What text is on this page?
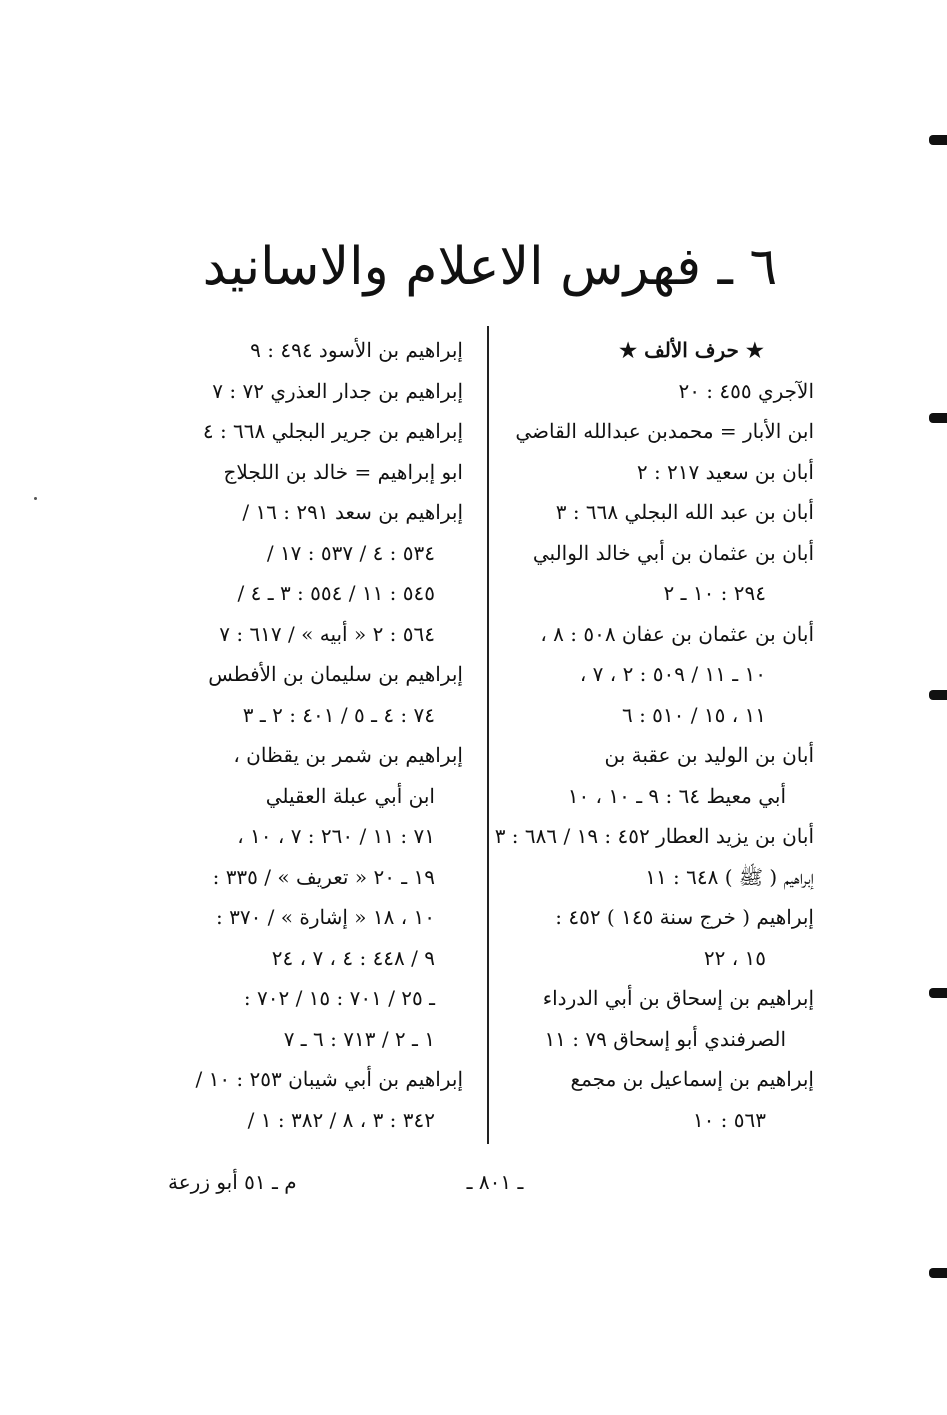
٦ ـ فهرس الاعلام والاسانيد
★ حرف الألف ★
الآجري ٤٥٥ : ٢٠
ابن الأبار = محمدبن عبدالله القاضي
أبان بن سعيد ٢١٧ : ٢
أبان بن عبد الله البجلي ٦٦٨ : ٣
أبان بن عثمان بن أبي خالد الوالبي
٢٩٤ : ١٠ ـ ٢
أبان بن عثمان بن عفان ٥٠٨ : ٨ ،
١٠ ـ ١١ / ٥٠٩ : ٢ ، ٧ ،
١١ ، ١٥ / ٥١٠ : ٦
أبان بن الوليد بن عقبة بن
أبي معيط ٦٤ : ٩ ـ ١٠ ، ١٠
أبان بن يزيد العطار ٤٥٢ : ١٩ / ٦٨٦ : ٣
إبراهيم ( ﷺ ) ٦٤٨ : ١١
إبراهيم ( خرج سنة ١٤٥ ) ٤٥٢ :
١٥ ، ٢٢
إبراهيم بن إسحاق بن أبي الدرداء
الصرفندي أبو إسحاق ٧٩ : ١١
إبراهيم بن إسماعيل بن مجمع
٥٦٣ : ١٠
إبراهيم بن الأسود ٤٩٤ : ٩
إبراهيم بن جدار العذري ٧٢ : ٧
إبراهيم بن جرير البجلي ٦٦٨ : ٤
ابو إبراهيم = خالد بن اللجلاج
إبراهيم بن سعد ٢٩١ : ١٦ /
٥٣٤ : ٤ / ٥٣٧ : ١٧ /
٥٤٥ : ١١ / ٥٥٤ : ٣ ـ ٤ /
٥٦٤ : ٢ « أبيه » / ٦١٧ : ٧
إبراهيم بن سليمان بن الأفطس
٧٤ : ٤ ـ ٥ / ٤٠١ : ٢ ـ ٣
إبراهيم بن شمر بن يقظان ،
ابن أبي عبلة العقيلي
٧١ : ١١ / ٢٦٠ : ٧ ، ١٠ ،
١٩ ـ ٢٠ « تعريف » / ٣٣٥ :
١٠ ، ١٨ « إشارة » / ٣٧٠ :
٩ / ٤٤٨ : ٤ ، ٧ ، ٢٤
ـ ٢٥ / ٧٠١ : ١٥ / ٧٠٢ :
١ ـ ٢ / ٧١٣ : ٦ ـ ٧
إبراهيم بن أبي شيبان ٢٥٣ : ١٠ /
٣٤٢ : ٣ ، ٨ / ٣٨٢ : ١ /
ـ ٨٠١ ـ
م ـ ٥١ أبو زرعة
